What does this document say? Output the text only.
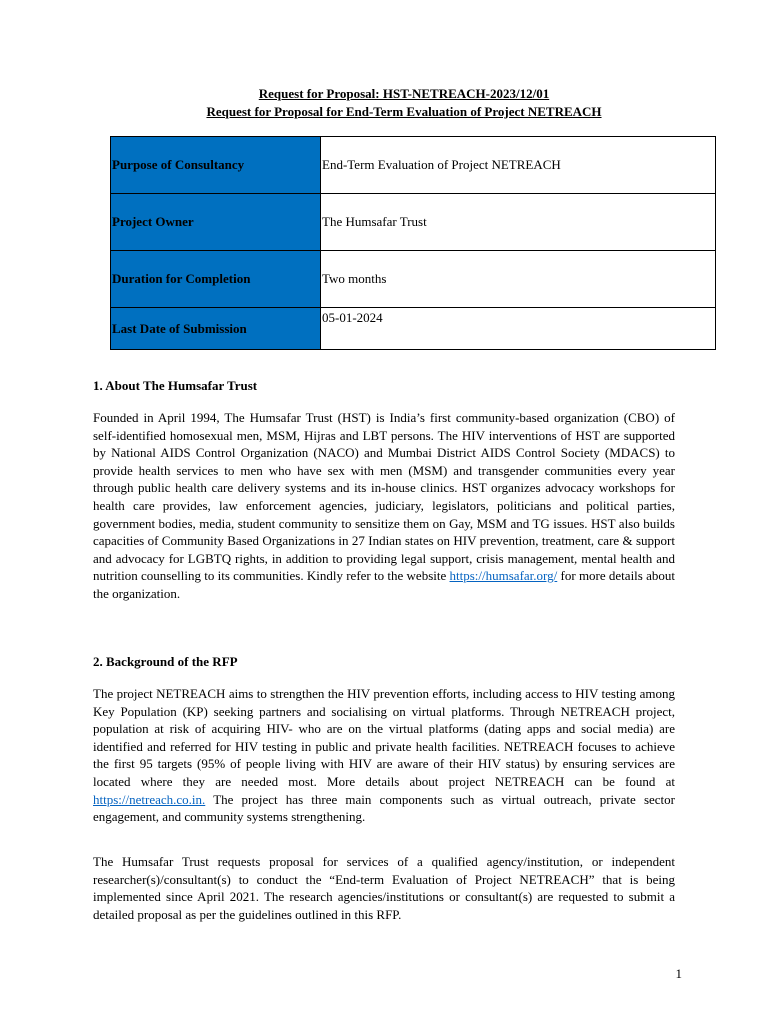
Request for Proposal: HST-NETREACH-2023/12/01
Request for Proposal for End-Term Evaluation of Project NETREACH
Purpose of Consultancy	End-Term Evaluation of Project NETREACH
Project Owner	The Humsafar Trust
Duration for Completion	Two months
Last Date of Submission	05-01-2024
1. About The Humsafar Trust
Founded in April 1994, The Humsafar Trust (HST) is India’s first community-based organization (CBO) of self-identified homosexual men, MSM, Hijras and LBT persons. The HIV interventions of HST are supported by National AIDS Control Organization (NACO) and Mumbai District AIDS Control Society (MDACS) to provide health services to men who have sex with men (MSM) and transgender communities every year through public health care delivery systems and its in-house clinics. HST organizes advocacy workshops for health care provides, law enforcement agencies, judiciary, legislators, politicians and political parties, government bodies, media, student community to sensitize them on Gay, MSM and TG issues. HST also builds capacities of Community Based Organizations in 27 Indian states on HIV prevention, treatment, care & support and advocacy for LGBTQ rights, in addition to providing legal support, crisis management, mental health and nutrition counselling to its communities. Kindly refer to the website https://humsafar.org/ for more details about the organization.
2. Background of the RFP
The project NETREACH aims to strengthen the HIV prevention efforts, including access to HIV testing among Key Population (KP) seeking partners and socialising on virtual platforms. Through NETREACH project, population at risk of acquiring HIV- who are on the virtual platforms (dating apps and social media) are identified and referred for HIV testing in public and private health facilities. NETREACH focuses to achieve the first 95 targets (95% of people living with HIV are aware of their HIV status) by ensuring services are located where they are needed most. More details about project NETREACH can be found at https://netreach.co.in. The project has three main components such as virtual outreach, private sector engagement, and community systems strengthening.
The Humsafar Trust requests proposal for services of a qualified agency/institution, or independent researcher(s)/consultant(s) to conduct the “End-term Evaluation of Project NETREACH” that is being implemented since April 2021. The research agencies/institutions or consultant(s) are requested to submit a detailed proposal as per the guidelines outlined in this RFP.
1
